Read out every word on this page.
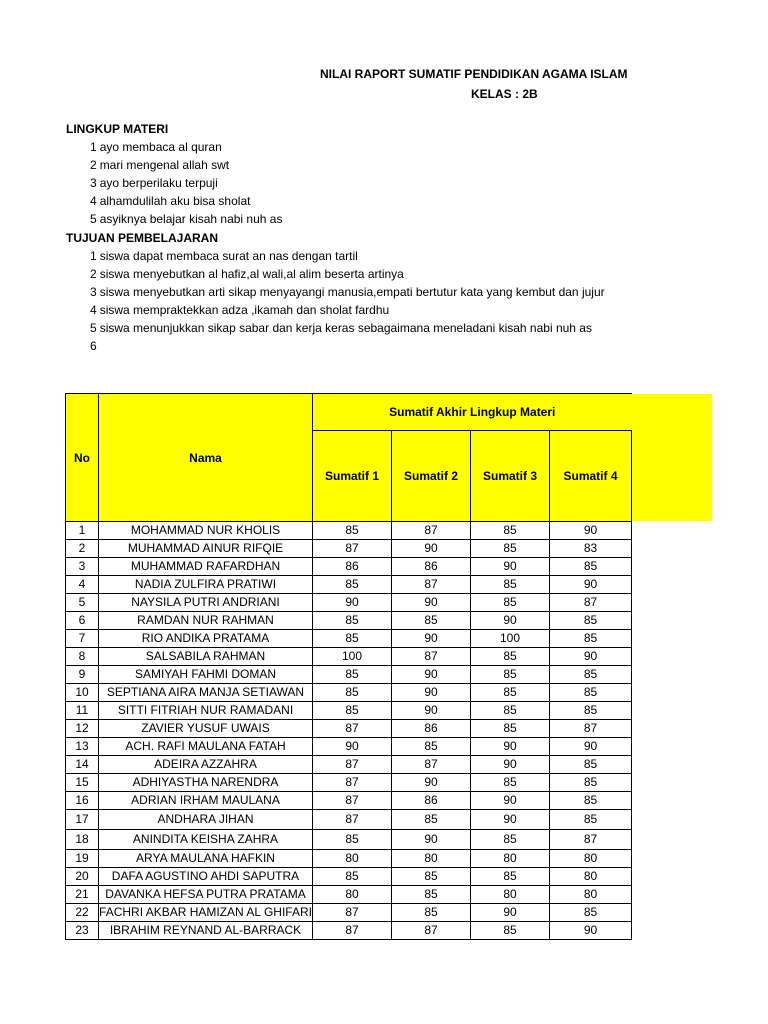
NILAI RAPORT SUMATIF PENDIDIKAN AGAMA ISLAM
KELAS : 2B
LINGKUP MATERI
1 ayo membaca al quran
2 mari mengenal allah swt
3 ayo berperilaku terpuji
4 alhamdulilah aku bisa sholat
5 asyiknya belajar kisah nabi nuh as
TUJUAN PEMBELAJARAN
1 siswa dapat membaca surat an nas dengan tartil
2 siswa menyebutkan al hafiz,al wali,al alim beserta artinya
3 siswa menyebutkan arti sikap menyayangi manusia,empati bertutur kata yang kembut dan jujur
4 siswa mempraktekkan adza ,ikamah dan sholat fardhu
5 siswa menunjukkan sikap sabar dan kerja keras sebagaimana meneladani kisah nabi nuh as
6
No	Nama	Sumatif Akhir Lingkup Materi			
		Sumatif 1	Sumatif 2	Sumatif 3	Sumatif 4
1	MOHAMMAD NUR KHOLIS	85	87	85	90
2	MUHAMMAD AINUR RIFQIE	87	90	85	83
3	MUHAMMAD RAFARDHAN	86	86	90	85
4	NADIA ZULFIRA PRATIWI	85	87	85	90
5	NAYSILA PUTRI ANDRIANI	90	90	85	87
6	RAMDAN NUR RAHMAN	85	85	90	85
7	RIO ANDIKA PRATAMA	85	90	100	85
8	SALSABILA RAHMAN	100	87	85	90
9	SAMIYAH FAHMI DOMAN	85	90	85	85
10	SEPTIANA AIRA MANJA SETIAWAN	85	90	85	85
11	SITTI FITRIAH NUR RAMADANI	85	90	85	85
12	ZAVIER YUSUF UWAIS	87	86	85	87
13	ACH. RAFI MAULANA FATAH	90	85	90	90
14	ADEIRA AZZAHRA	87	87	90	85
15	ADHIYASTHA NARENDRA	87	90	85	85
16	ADRIAN IRHAM MAULANA	87	86	90	85
17	ANDHARA JIHAN	87	85	90	85
18	ANINDITA KEISHA ZAHRA	85	90	85	87
19	ARYA MAULANA HAFKIN	80	80	80	80
20	DAFA AGUSTINO AHDI SAPUTRA	85	85	85	80
21	DAVANKA HEFSA PUTRA PRATAMA	80	85	80	80
22	FACHRI AKBAR HAMIZAN AL GHIFARI	87	85	90	85
23	IBRAHIM REYNAND AL-BARRACK	87	87	85	90
